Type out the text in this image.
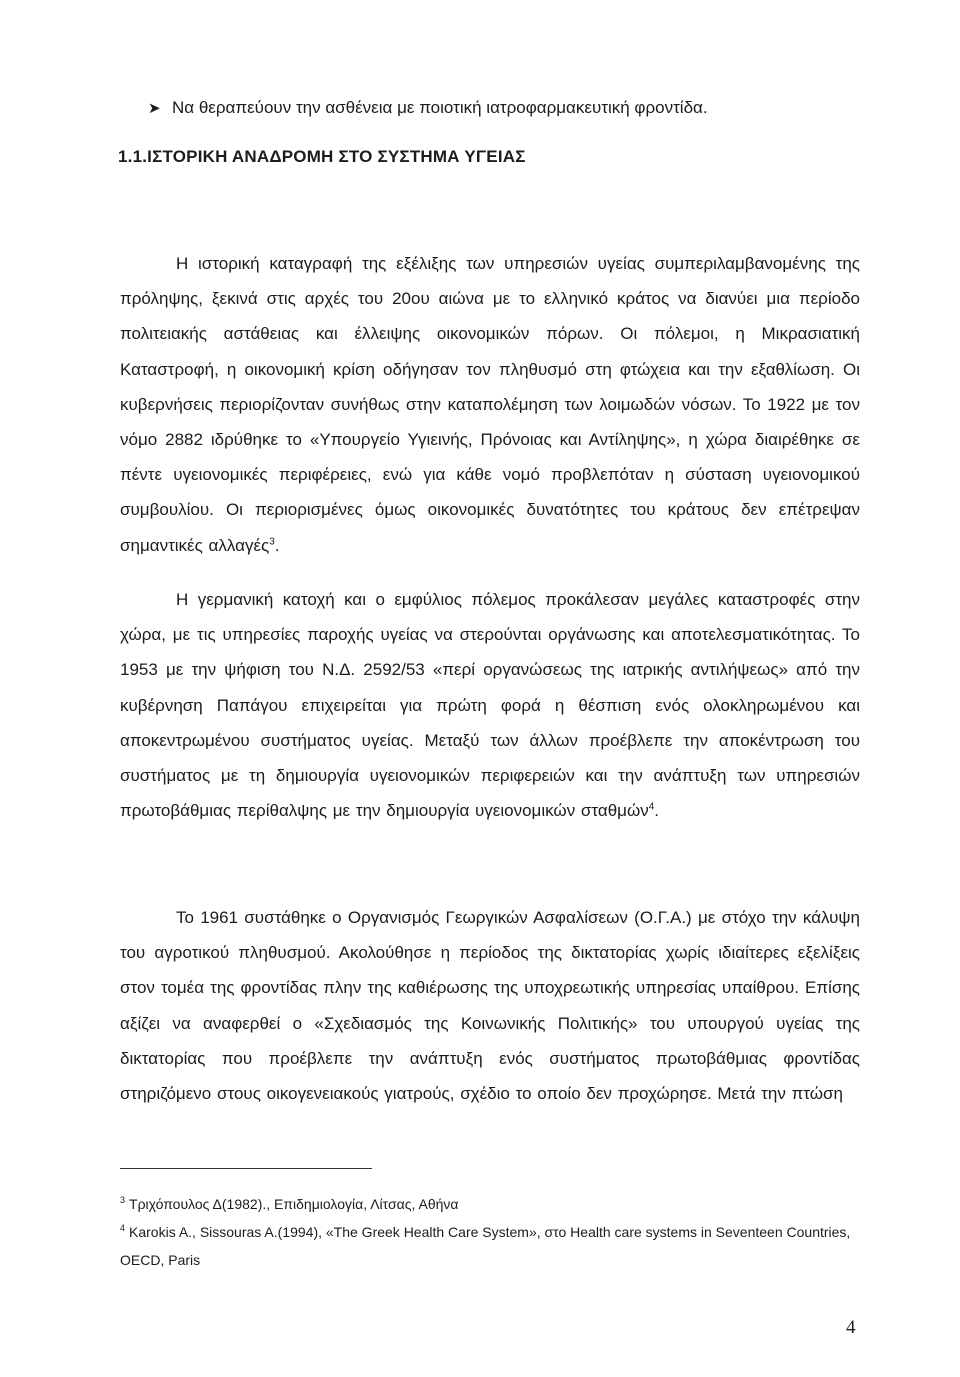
➤ Να θεραπεύουν την ασθένεια με ποιοτική ιατροφαρμακευτική φροντίδα.
1.1.ΙΣΤΟΡΙΚΗ ΑΝΑΔΡΟΜΗ ΣΤΟ ΣΥΣΤΗΜΑ ΥΓΕΙΑΣ

Η ιστορική καταγραφή της εξέλιξης των υπηρεσιών υγείας συμπεριλαμβανομένης της πρόληψης, ξεκινά στις αρχές του 20ου αιώνα με το ελληνικό κράτος να διανύει μια περίοδο πολιτειακής αστάθειας και έλλειψης οικονομικών πόρων. Οι πόλεμοι, η Μικρασιατική Καταστροφή, η οικονομική κρίση οδήγησαν τον πληθυσμό στη φτώχεια και την εξαθλίωση. Οι κυβερνήσεις περιορίζονταν συνήθως στην καταπολέμηση των λοιμωδών νόσων. Το 1922 με τον νόμο 2882 ιδρύθηκε το «Υπουργείο Υγιεινής, Πρόνοιας και Αντίληψης», η χώρα διαιρέθηκε σε πέντε υγειονομικές περιφέρειες, ενώ για κάθε νομό προβλεπόταν η σύσταση υγειονομικού συμβουλίου. Οι περιορισμένες όμως οικονομικές δυνατότητες του κράτους δεν επέτρεψαν σημαντικές αλλαγές$^3$.

Η γερμανική κατοχή και ο εμφύλιος πόλεμος προκάλεσαν μεγάλες καταστροφές στην χώρα, με τις υπηρεσίες παροχής υγείας να στερούνται οργάνωσης και αποτελεσματικότητας. Το 1953 με την ψήφιση του Ν.Δ. 2592/53 «περί οργανώσεως της ιατρικής αντιλήψεως» από την κυβέρνηση Παπάγου επιχειρείται για πρώτη φορά η θέσπιση ενός ολοκληρωμένου και αποκεντρωμένου συστήματος υγείας. Μεταξύ των άλλων προέβλεπε την αποκέντρωση του συστήματος με τη δημιουργία υγειονομικών περιφερειών και την ανάπτυξη των υπηρεσιών πρωτοβάθμιας περίθαλψης με την δημιουργία υγειονομικών σταθμών$^4$.

Το 1961 συστάθηκε ο Οργανισμός Γεωργικών Ασφαλίσεων (Ο.Γ.Α.) με στόχο την κάλυψη του αγροτικού πληθυσμού. Ακολούθησε η περίοδος της δικτατορίας χωρίς ιδιαίτερες εξελίξεις στον τομέα της φροντίδας πλην της καθιέρωσης της υποχρεωτικής υπηρεσίας υπαίθρου. Επίσης αξίζει να αναφερθεί ο «Σχεδιασμός της Κοινωνικής Πολιτικής» του υπουργού υγείας της δικτατορίας που προέβλεπε την ανάπτυξη ενός συστήματος πρωτοβάθμιας φροντίδας στηριζόμενο στους οικογενειακούς γιατρούς, σχέδιο το οποίο δεν προχώρησε. Μετά την πτώση

$^3$ Τριχόπουλος Δ(1982)., Επιδημιολογία, Λίτσας, Αθήνα

$^4$ Karokis A., Sissouras A.(1994), «The Greek Health Care System», στο Health care systems in Seventeen Countries, OECD, Paris

4
